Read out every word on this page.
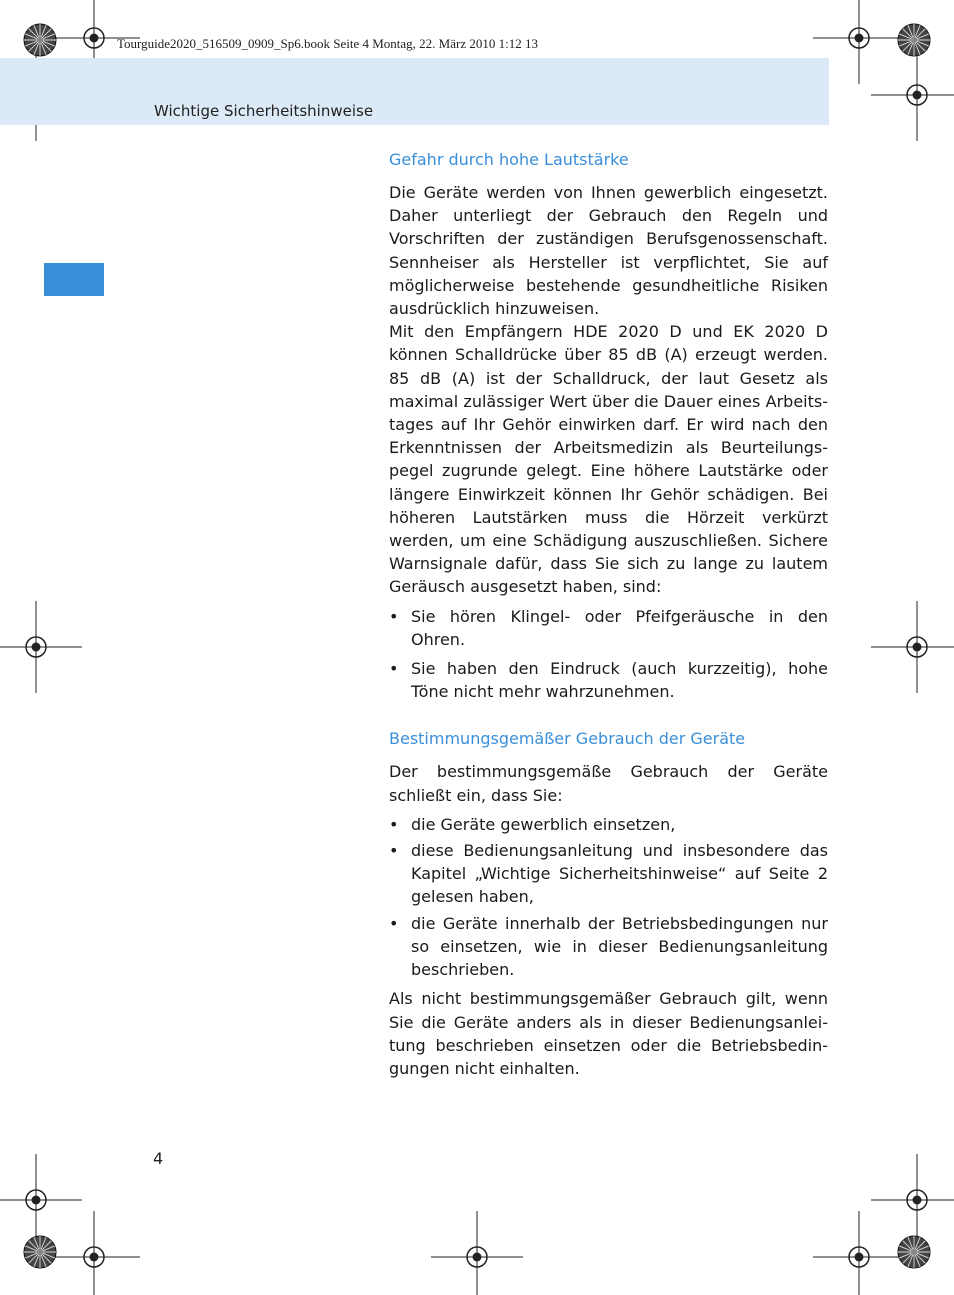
Tourguide2020_516509_0909_Sp6.book Seite 4 Montag, 22. März 2010 1:12 13
Wichtige Sicherheitshinweise
Gefahr durch hohe Lautstärke

Die Geräte werden von Ihnen gewerblich eingesetzt. Daher unterliegt der Gebrauch den Regeln und Vorschriften der zuständigen Berufsgenossenschaft. Sennheiser als Hersteller ist verpflichtet, Sie auf möglicherweise bestehende gesundheitliche Risiken ausdrücklich hinzuweisen.

Mit den Empfängern HDE 2020 D und EK 2020 D können Schalldrücke über 85 dB (A) erzeugt werden. 85 dB (A) ist der Schalldruck, der laut Gesetz als maximal zulässiger Wert über die Dauer eines Arbeitstages auf Ihr Gehör einwirken darf. Er wird nach den Erkenntnissen der Arbeitsmedizin als Beurteilungspegel zugrunde gelegt. Eine höhere Lautstärke oder längere Einwirkzeit können Ihr Gehör schädigen. Bei höheren Lautstärken muss die Hörzeit verkürzt werden, um eine Schädigung auszuschließen. Sichere Warnsignale dafür, dass Sie sich zu lange zu lautem Geräusch ausgesetzt haben, sind:

• Sie hören Klingel- oder Pfeifgeräusche in den Ohren.
• Sie haben den Eindruck (auch kurzzeitig), hohe Töne nicht mehr wahrzunehmen.
Bestimmungsgemäßer Gebrauch der Geräte

Der bestimmungsgemäße Gebrauch der Geräte schließt ein, dass Sie:

• die Geräte gewerblich einsetzen,
• diese Bedienungsanleitung und insbesondere das Kapitel „Wichtige Sicherheitshinweise“ auf Seite 2 gelesen haben,
• die Geräte innerhalb der Betriebsbedingungen nur so einsetzen, wie in dieser Bedienungsanleitung beschrieben.

Als nicht bestimmungsgemäßer Gebrauch gilt, wenn Sie die Geräte anders als in dieser Bedienungsanleitung beschrieben einsetzen oder die Betriebsbedingungen nicht einhalten.

4
